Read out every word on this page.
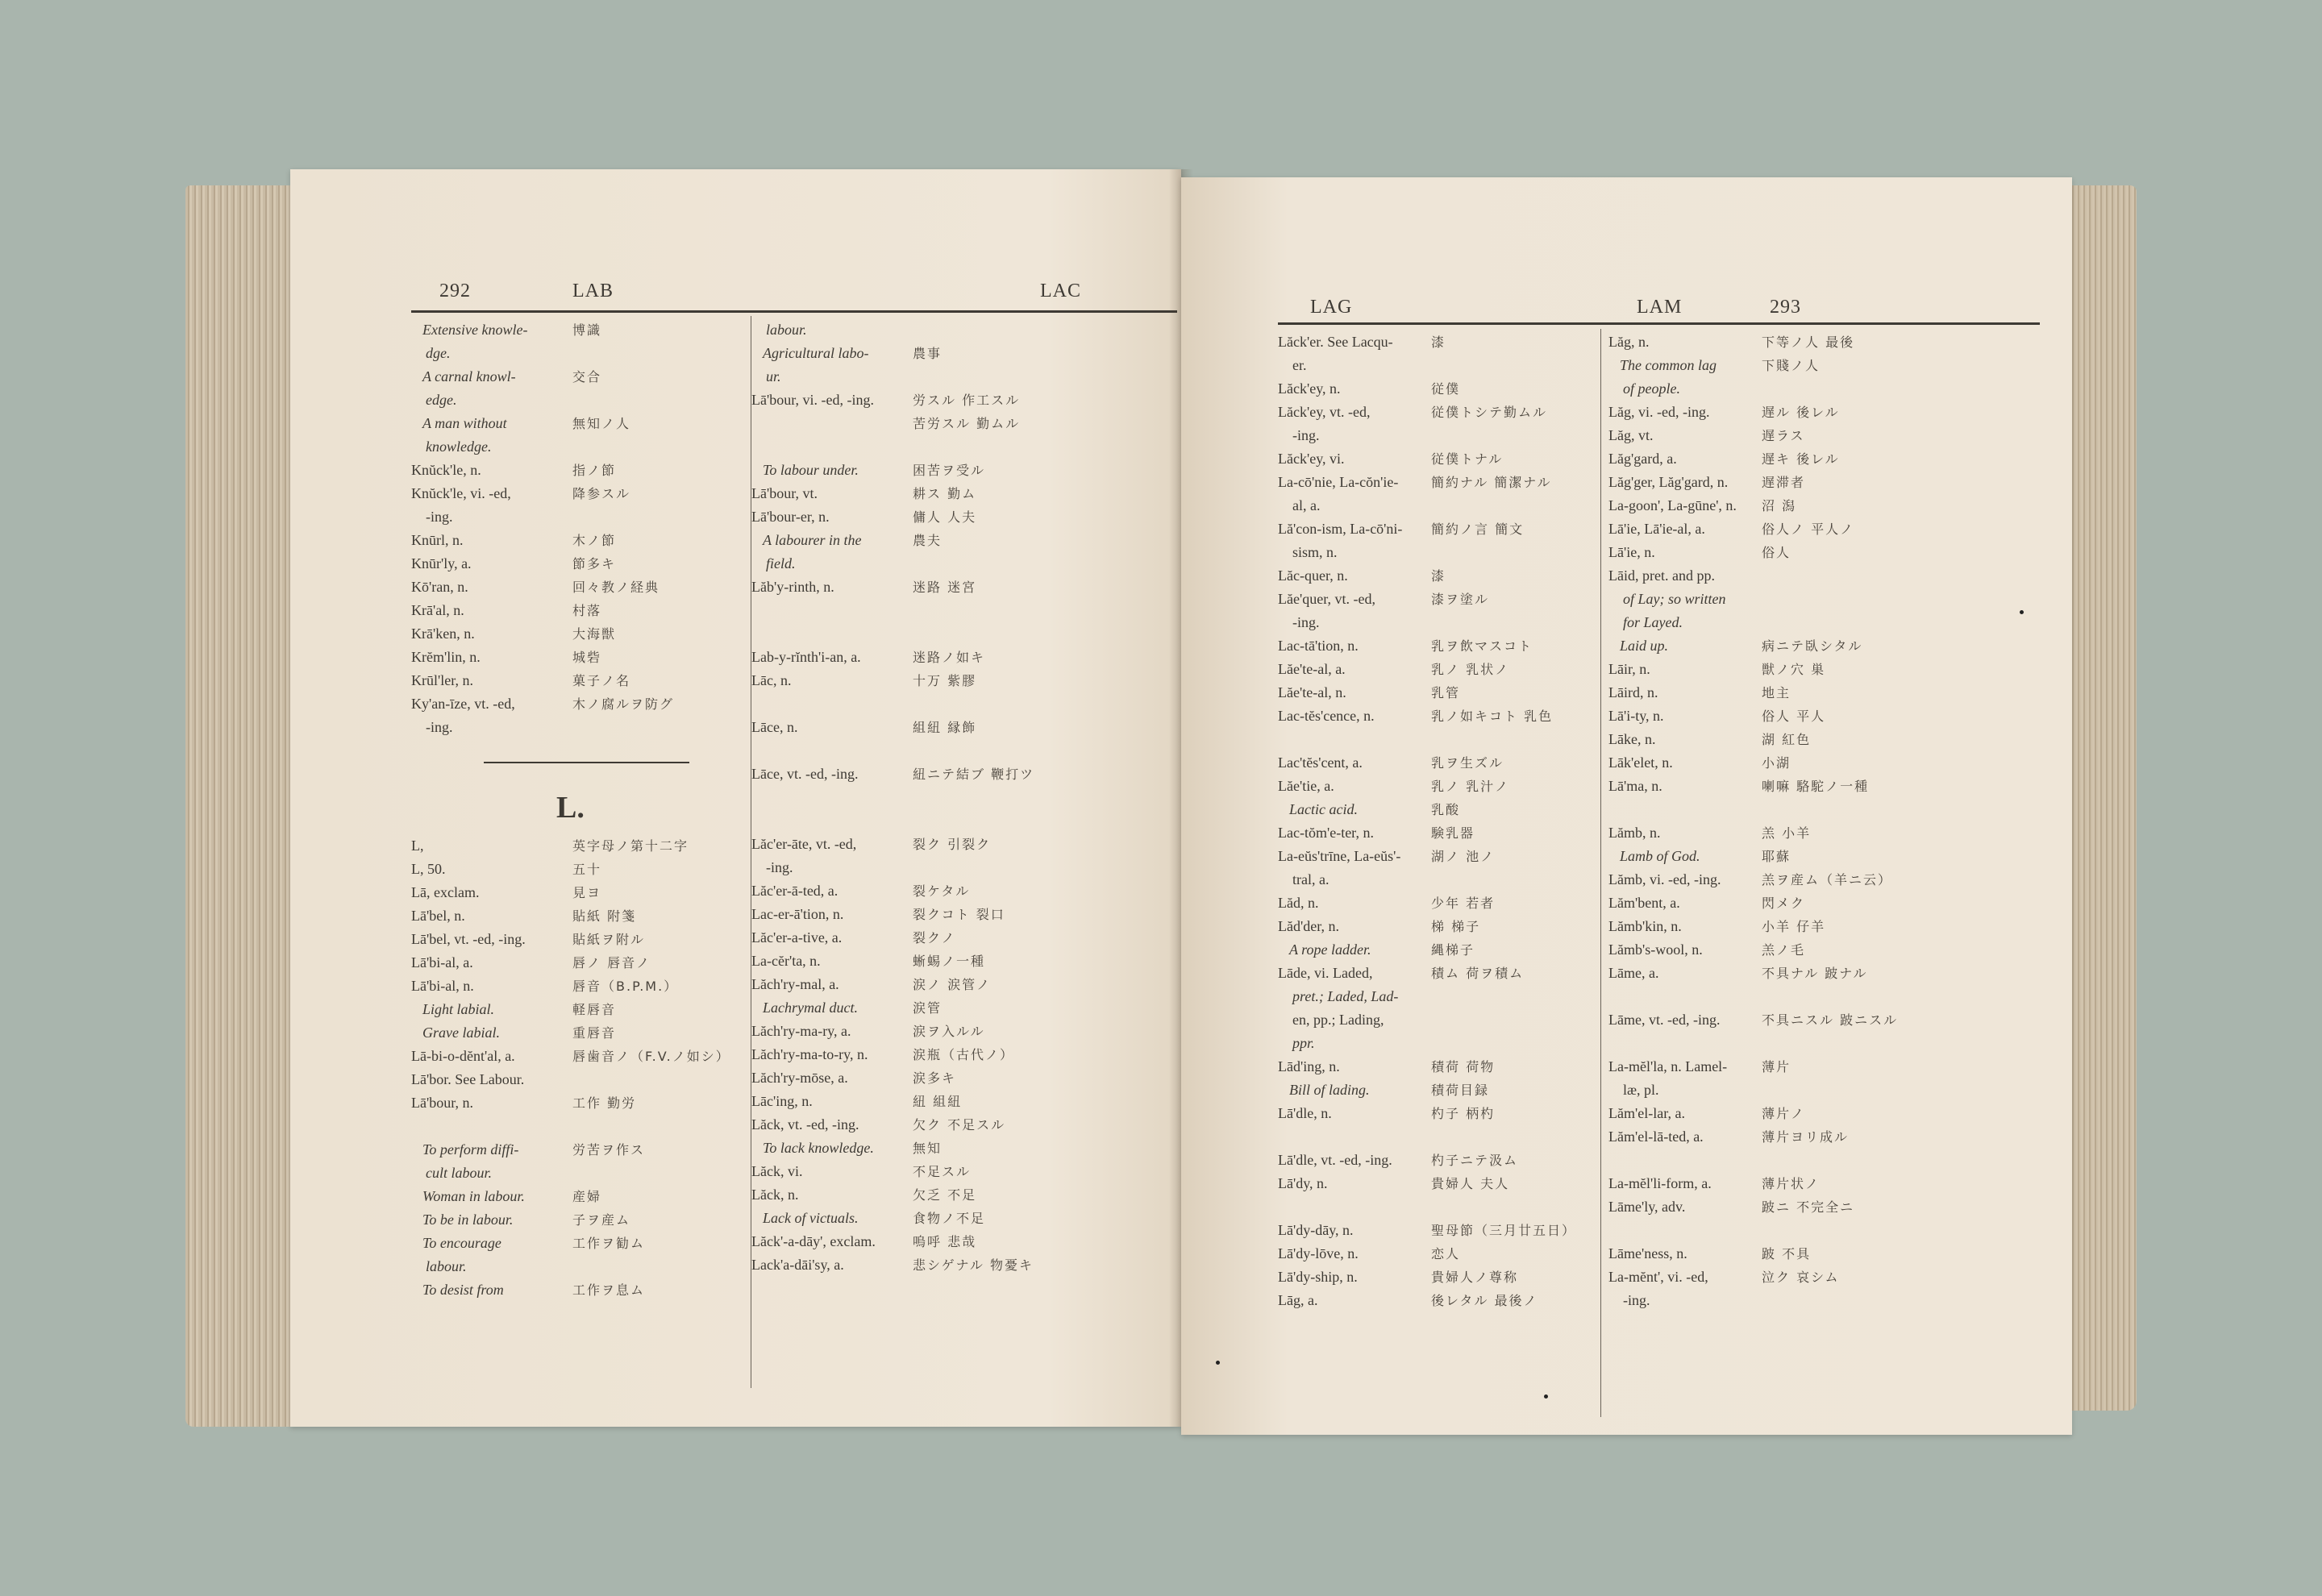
292	LAB	LAC
Extensive knowle-	博識
dge.
A carnal knowl-	交合
edge.
A man without	無知ノ人
knowledge.
Knŭck'le, n.	指ノ節
Knŭck'le, vi. -ed,	降参スル
-ing.
Knūrl, n.	木ノ節
Knūr'ly, a.	節多キ
Kō'ran, n.	回々教ノ経典
Krā'al, n.	村落
Krā'ken, n.	大海獣
Krĕm'lin, n.	城砦
Krūl'ler, n.	菓子ノ名
Ky'an-īze, vt. -ed,	木ノ腐ルヲ防グ
-ing.
L.
L,	英字母ノ第十二字
L, 50.	五十
Lā, exclam.	見ヨ
Lā'bel, n.	貼紙 附箋
Lā'bel, vt. -ed, -ing.	貼紙ヲ附ル
Lā'bi-al, a.	唇ノ 唇音ノ
Lā'bi-al, n.	唇音（B.P.M.）
Light labial.	軽唇音
Grave labial.	重唇音
Lā-bi-o-dĕnt'al, a.	唇歯音ノ（F.V.ノ如シ）
Lā'bor. See Labour.
Lā'bour, n.	工作 勤労
To perform diffi-	労苦ヲ作ス
cult labour.
Woman in labour.	産婦
To be in labour.	子ヲ産ム
To encourage	工作ヲ勧ム
labour.
To desist from	工作ヲ息ム
labour.
Agricultural labo-	農事
ur.
Lā'bour, vi. -ed, -ing.	労スル 作工スル
苦労スル 勤ムル
To labour under.	困苦ヲ受ル
Lā'bour, vt.	耕ス 勤ム
Lā'bour-er, n.	傭人 人夫
A labourer in the	農夫
field.
Lăb'y-rinth, n.	迷路 迷宮
Lab-y-rĭnth'i-an, a.	迷路ノ如キ
Lāc, n.	十万 紫膠
Lāce, n.	組紐 縁飾
Lāce, vt. -ed, -ing.	紐ニテ結ブ 鞭打ツ
Lăc'er-āte, vt. -ed,	裂ク 引裂ク
-ing.
Lăc'er-ā-ted, a.	裂ケタル
Lac-er-ā'tion, n.	裂クコト 裂口
Lăc'er-a-tive, a.	裂クノ
La-cĕr'ta, n.	蜥蜴ノ一種
Lăch'ry-mal, a.	涙ノ 涙管ノ
Lachrymal duct.	涙管
Lăch'ry-ma-ry, a.	涙ヲ入ルル
Lăch'ry-ma-to-ry, n.	涙瓶（古代ノ）
Lăch'ry-mōse, a.	涙多キ
Lāc'ing, n.	紐 組紐
Lăck, vt. -ed, -ing.	欠ク 不足スル
To lack knowledge.	無知
Lăck, vi.	不足スル
Lăck, n.	欠乏 不足
Lack of victuals.	食物ノ不足
Lăck'-a-dāy', exclam.	嗚呼 悲哉
Lack'a-dāi'sy, a.	悲シゲナル 物憂キ
LAG	LAM	293
Lăck'er. See Lacqu-	漆
er.
Lăck'ey, n.	従僕
Lăck'ey, vt. -ed,	従僕トシテ勤ムル
-ing.
Lăck'ey, vi.	従僕トナル
La-cō'nie, La-cŏn'ie-	簡約ナル 簡潔ナル
al, a.
Lă'con-ism, La-cō'ni- 簡約ノ言 簡文
sism, n.
Lăc-quer, n.	漆
Lăe'quer, vt. -ed,	漆ヲ塗ル
-ing.
Lac-tā'tion, n.	乳ヲ飲マスコト
Lăe'te-al, a.	乳ノ 乳状ノ
Lăe'te-al, n.	乳管
Lac-tĕs'cence, n.	乳ノ如キコト 乳色
Lac'tĕs'cent, a.	乳ヲ生ズル
Lăe'tie, a.	乳ノ 乳汁ノ
Lactic acid.	乳酸
Lac-tŏm'e-ter, n.	験乳器
La-eŭs'trīne, La-eŭs'- 湖ノ 池ノ
tral, a.
Lăd, n.	少年 若者
Lăd'der, n.	梯 梯子
A rope ladder.	縄梯子
Lāde, vi. Laded,	積ム 荷ヲ積ム
pret.; Laded, Lad-
en, pp.; Lading,
ppr.
Lād'ing, n.	積荷 荷物
Bill of lading.	積荷目録
Lā'dle, n.	杓子 柄杓
Lā'dle, vt. -ed, -ing.	杓子ニテ汲ム
Lā'dy, n.	貴婦人 夫人
Lā'dy-dāy, n.	聖母節（三月廿五日）
Lā'dy-lōve, n.	恋人
Lā'dy-ship, n.	貴婦人ノ尊称
Lāg, a.	後レタル 最後ノ
Lăg, n.	下等ノ人 最後
The common lag	下賤ノ人
of people.
Lăg, vi. -ed, -ing.	遅ル 後レル
Lăg, vt.	遅ラス
Lăg'gard, a.	遅キ 後レル
Lăg'ger, Lăg'gard, n.	遅滞者
La-goon', La-gūne', n. 沼 潟
Lā'ie, Lā'ie-al, a.	俗人ノ 平人ノ
Lā'ie, n.	俗人
Lāid, pret. and pp.
of Lay; so written
for Layed.
Laid up.	病ニテ臥シタル
Lāir, n.	獣ノ穴 巣
Lāird, n.	地主
Lā'i-ty, n.	俗人 平人
Lāke, n.	湖 紅色
Lāk'elet, n.	小湖
Lā'ma, n.	喇嘛 駱駝ノ一種
Lămb, n.	羔 小羊
Lamb of God.	耶蘇
Lămb, vi. -ed, -ing.	羔ヲ産ム（羊ニ云）
Lăm'bent, a.	閃メク
Lămb'kin, n.	小羊 仔羊
Lămb's-wool, n.	羔ノ毛
Lāme, a.	不具ナル 跛ナル
Lāme, vt. -ed, -ing.	不具ニスル 跛ニスル
La-mĕl'la, n. Lamel-	薄片
læ, pl.
Lăm'el-lar, a.	薄片ノ
Lăm'el-lā-ted, a.	薄片ヨリ成ル
La-mĕl'li-form, a.	薄片状ノ
Lāme'ly, adv.	跛ニ 不完全ニ
Lāme'ness, n.	跛 不具
La-mĕnt', vi. -ed,	泣ク 哀シム
-ing.
